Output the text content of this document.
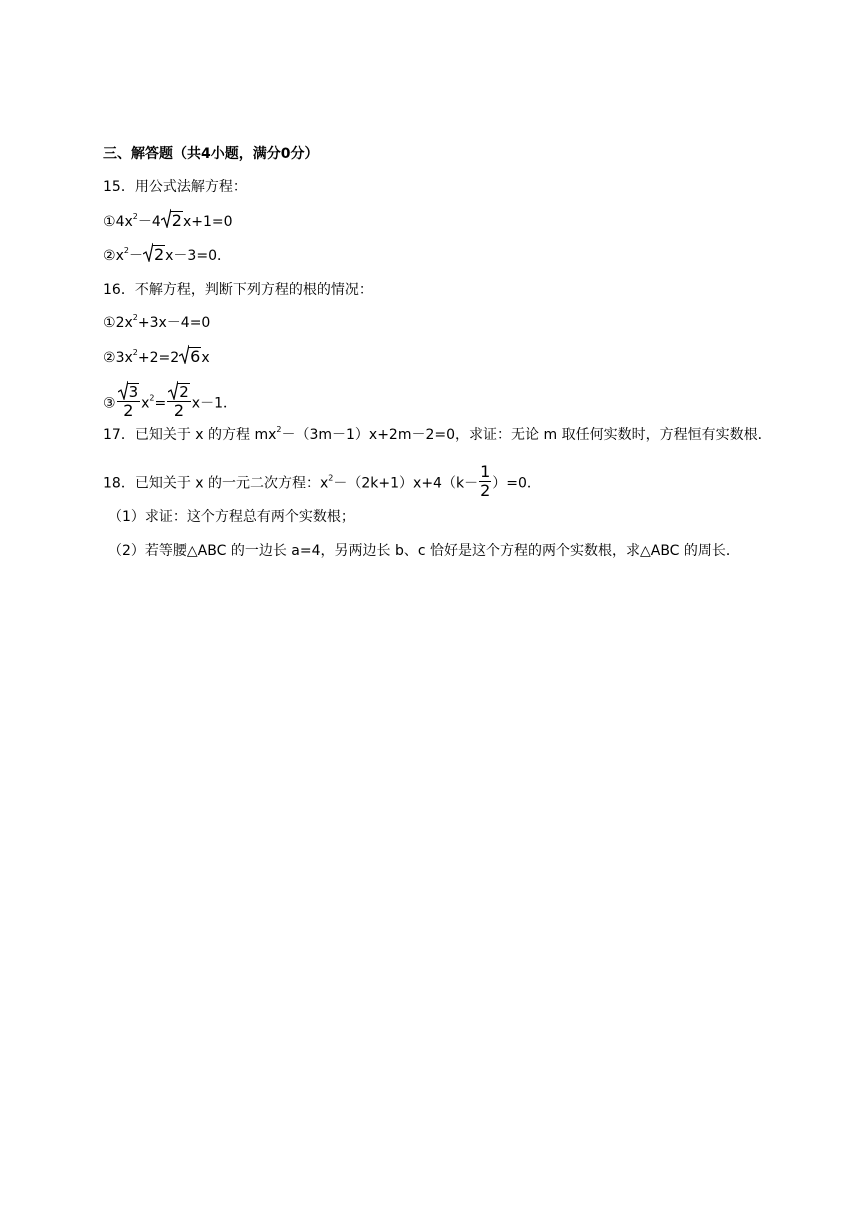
三、解答题（共4小题，满分0分）
15．用公式法解方程：
$①4x^2-4$ 2x+1=0
$②x^2- 2x-3=0$．
16．不解方程，判断下列方程的根的情况：
$①2x^2+3x-4=0$
$②3x^2+2=2$ 6x
③ $\frac{3}{2} x^2= \frac{2}{2} x-1$．
17．已知关于 x 的方程 $mx^2-(3m-1)x+2m-2=0$，求证：无论 m 取任何实数时，方程恒有实数根．
18．已知关于 x 的一元二次方程：$x^2-(2k+1)x+4(k- \frac{1}{2} )=0$．
（1）求证：这个方程总有两个实数根；
（2）若等腰△ABC 的一边长 a=4，另两边长 b、c 恰好是这个方程的两个实数根，求△ABC 的周长．
